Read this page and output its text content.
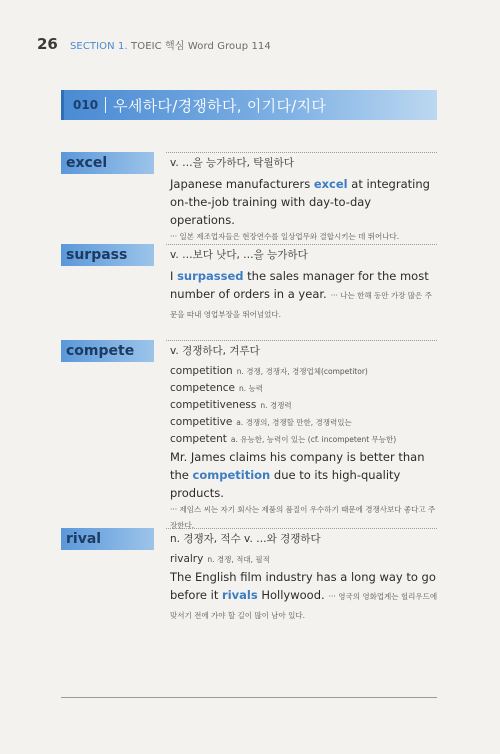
26 SECTION 1. TOEIC 핵심 Word Group 114
010 우세하다/경쟁하다, 이기다/지다
excel	v. …을 능가하다, 탁월하다
Japanese manufacturers excel at integrating on-the-job training with day-to-day operations.
··· 일본 제조업자들은 현장연수를 일상업무와 결합시키는 데 뛰어나다.
surpass	v. …보다 낫다, …을 능가하다
I surpassed the sales manager for the most number of orders in a year. ··· 나는 한해 동안 가장 많은 주문을 따내 영업부장을 뛰어넘었다.
compete	v. 경쟁하다, 겨루다
competition n. 경쟁, 경쟁자, 경쟁업체(competitor)
competence n. 능력
competitiveness n. 경쟁력
competitive a. 경쟁의, 경쟁할 만한, 경쟁력있는
competent a. 유능한, 능력이 있는 (cf. incompetent 무능한)
Mr. James claims his company is better than the competition due to its high-quality products.
··· 제임스 씨는 자기 회사는 제품의 품질이 우수하기 때문에 경쟁사보다 좋다고 주장한다.
rival	n. 경쟁자, 적수 v. …와 경쟁하다
rivalry n. 경쟁, 적대, 필적
The English film industry has a long way to go before it rivals Hollywood. ··· 영국의 영화업계는 헐리우드에 맞서기 전에 가야 할 길이 많이 남아 있다.
